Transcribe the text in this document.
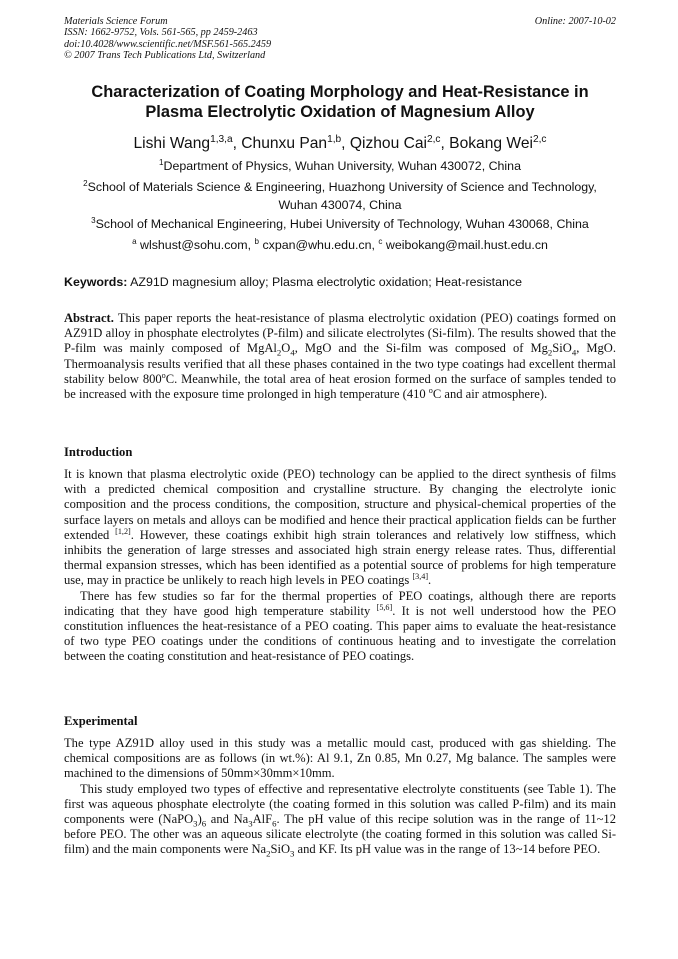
Materials Science Forum
ISSN: 1662-9752, Vols. 561-565, pp 2459-2463
doi:10.4028/www.scientific.net/MSF.561-565.2459
© 2007 Trans Tech Publications Ltd, Switzerland
Online: 2007-10-02
Characterization of Coating Morphology and Heat-Resistance in
Plasma Electrolytic Oxidation of Magnesium Alloy
Lishi Wang$^{1,3,a}$, Chunxu Pan$^{1,b}$, Qizhou Cai$^{2,c}$, Bokang Wei$^{2,c}$
$^1$Department of Physics, Wuhan University, Wuhan 430072, China
$^2$School of Materials Science & Engineering, Huazhong University of Science and Technology,
Wuhan 430074, China
$^3$School of Mechanical Engineering, Hubei University of Technology, Wuhan 430068, China
$^a$ wlshust@sohu.com, $^b$ cxpan@whu.edu.cn, $^c$ weibokang@mail.hust.edu.cn
Keywords: AZ91D magnesium alloy; Plasma electrolytic oxidation; Heat-resistance

Abstract. This paper reports the heat-resistance of plasma electrolytic oxidation (PEO) coatings formed on AZ91D alloy in phosphate electrolytes (P-film) and silicate electrolytes (Si-film). The results showed that the P-film was mainly composed of $MgAl_2O_4$, MgO and the Si-film was composed of $Mg_2SiO_4$, MgO. Thermoanalysis results verified that all these phases contained in the two type coatings had excellent thermal stability below 800$^o$C. Meanwhile, the total area of heat erosion formed on the surface of samples tended to be increased with the exposure time prolonged in high temperature (410 $^o$C and air atmosphere).

Introduction

It is known that plasma electrolytic oxide (PEO) technology can be applied to the direct synthesis of films with a predicted chemical composition and crystalline structure. By changing the electrolyte ionic composition and the process conditions, the composition, structure and physical-chemical properties of the surface layers on metals and alloys can be modified and hence their practical application fields can be further extended [1,2]. However, these coatings exhibit high strain tolerances and relatively low stiffness, which inhibits the generation of large stresses and associated high strain energy release rates. Thus, differential thermal expansion stresses, which has been identified as a potential source of problems for high temperature use, may in practice be unlikely to reach high levels in PEO coatings [3,4].

There has few studies so far for the thermal properties of PEO coatings, although there are reports indicating that they have good high temperature stability [5,6]. It is not well understood how the PEO constitution influences the heat-resistance of a PEO coating. This paper aims to evaluate the heat-resistance of two type PEO coatings under the conditions of continuous heating and to investigate the correlation between the coating constitution and heat-resistance of PEO coatings.

Experimental

The type AZ91D alloy used in this study was a metallic mould cast, produced with gas shielding. The chemical compositions are as follows (in wt.%): Al 9.1, Zn 0.85, Mn 0.27, Mg balance. The samples were machined to the dimensions of 50mm×30mm×10mm.

This study employed two types of effective and representative electrolyte constituents (see Table 1). The first was aqueous phosphate electrolyte (the coating formed in this solution was called P-film) and its main components were $(NaPO_3)_6$ and $Na_3AlF_6$. The pH value of this recipe solution was in the range of 11~12 before PEO. The other was an aqueous silicate electrolyte (the coating formed in this solution was called Si-film) and the main components were $Na_2SiO_3$ and KF. Its pH value was in the range of 13~14 before PEO.
